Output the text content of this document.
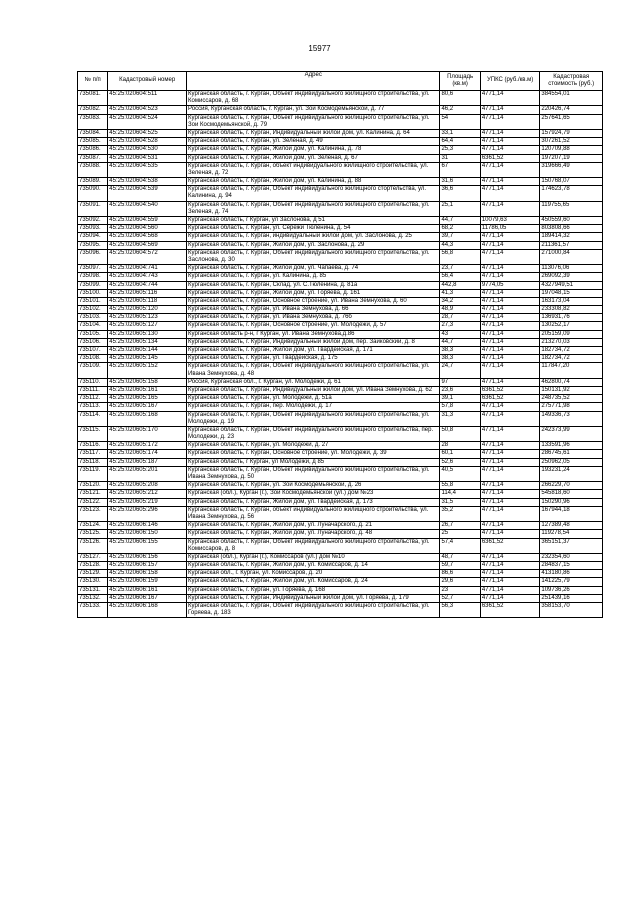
15977
№ п/п	Кадастровый номер	Адрес	Площадь (кв.м)	УПКС (руб./кв.м)	Кадастровая стоимость (руб.)
735081.	45:25:020604:511	Курганская область, г. Курган, Объект индивидуального жилищного строительства, ул. Комиссаров, д. 68	80,6	4771,14	384554,01
735082.	45:25:020604:523	Россия, Курганская область, г. Курган, ул. Зои Космодемьянской, д. 77	46,2	4771,14	220426,74
735083.	45:25:020604:524	Курганская область, г. Курган, Объект индивидуального жилищного строительства, ул. Зои Космодемьянской, д. 79	54	4771,14	257641,65
735084.	45:25:020604:525	Курганская область, г. Курган, Индивидуальный жилой дом, ул. Калинина, д. 64	33,1	4771,14	157924,79
735085.	45:25:020604:528	Курганская область, г. Курган, ул. Зеленая, д. 49	64,4	4771,14	307261,52
735086.	45:25:020604:530	Курганская область, г. Курган, Жилой дом, ул. Калинина, д. 78	25,3	4771,14	120709,88
735087.	45:25:020604:531	Курганская область, г. Курган, Жилой дом, ул. Зеленая, д. 67	31	6361,52	197207,19
735088.	45:25:020604:535	Курганская область, г. Курган, объект индивидуального жилищного строительства, ул. Зеленая, д. 72	67	4771,14	319666,49
735089.	45:25:020604:538	Курганская область, г. Курган, Жилой дом, ул. Калинина, д. 88	31,6	4771,14	150768,07
735090.	45:25:020604:539	Курганская область, г. Курган, Объект индивидуального жилищного стортельства, ул. Калинина, д. 94	36,6	4771,14	174623,78
735091.	45:25:020604:540	Курганская область, г. Курган, Объект индивидуального жилищного строительства, ул. Зеленая, д. 74	25,1	4771,14	119755,65
735092.	45:25:020604:559	Курганская область, г Курган, ул Заслонова, д 51	44,7	10079,63	450559,60
735093.	45:25:020604:560	Курганская область, г. Курган, ул. Сережи Тюленина, д. 54	68,2	11786,05	803808,66
735094.	45:25:020604:568	Курганская область, г. Курган, индивидуальный жилой дом, ул. Заслонова, д. 25	39,7	4771,14	189414,32
735095.	45:25:020604:569	Курганская область, г. Курган, Жилой дом, ул. Заслонова, д. 29	44,3	4771,14	211361,57
735096.	45:25:020604:572	Курганская область, г. Курган, Объект индивидуального жилищного строительства, ул. Заслонова, д. 30	56,8	4771,14	271000,84
735097.	45:25:020604:741	Курганская область, г. Курган, Жилой дом, ул. Чапаева, д. 74	23,7	4771,14	113076,06
735098.	45:25:020604:743	Курганская область, г. Курган, ул. Калинина, д. 85	56,4	4771,14	269092,39
735099.	45:25:020604:744	Курганская область, г. Курган, Склад, ул. С.Тюленина, д. 81а	442,8	9774,05	4327949,51
735100.	45:25:020605:116	Курганская область, г. Курган, Жилой дом, ул. Горяева, д. 161	41,3	4771,14	197048,15
735101.	45:25:020605:118	Курганская область, г. Курган, Основное строение, ул. Ивана Земнухова, д. 60	34,2	4771,14	163173,04
735102.	45:25:020605:120	Курганская область, г. Курган, ул. Ивана Земнухова, д. 66	48,9	4771,14	233308,82
735103.	45:25:020605:123	Курганская область, г. Курган, ул. Ивана Земнухова, д. 76б	28,7	4771,14	136931,76
735104.	45:25:020605:127	Курганская область, г. Курган, Основное строение, ул. Молодежи, д. 57	27,3	4771,14	130252,17
735105.	45:25:020605:130	Курганская область р-н, г Курган, ул. Ивана Земнухова,д.86	43	4771,14	205159,09
735106.	45:25:020605:134	Курганская область, г. Курган, Индивидуальный жилой дом, пер. Зайковский, д. 8	44,7	4771,14	213270,03
735107.	45:25:020605:144	Курганская область, г. Курган, Жилой дом, ул. Гвардейская, д. 171	38,3	4771,14	182734,72
735108.	45:25:020605:145	Курганская область, г. Курган, ул. Гвардейская, д. 175	38,3	4771,14	182734,72
735109.	45:25:020605:152	Курганская область, г. Курган, Объект индивидуального жилищного строительства, ул. Ивана Земнухова, д. 48	24,7	4771,14	117847,20
735110.	45:25:020605:158	Россия, Курганская обл., г. Курган, ул. Молодежи, д. 61	97	4771,14	462800,74
735111.	45:25:020605:161	Курганская область, г. Курган, Индивидуальный жилой дом, ул. Ивана Земнухова, д. 62	23,6	6361,52	150131,92
735112.	45:25:020605:165	Курганская область, г. Курган, ул. Молодежи, д. 51а	39,1	6361,52	248735,52
735113.	45:25:020605:167	Курганская область, г. Курган, пер. Молодежи, д. 17	57,8	4771,14	275771,98
735114.	45:25:020605:168	Курганская область, г. Курган, Объект индивидуального жилищного строительства, ул. Молодежи, д. 19	31,3	4771,14	149336,73
735115.	45:25:020605:170	Курганская область, г. Курган, Объект индивидуального жилищного строительства, пер. Молодежи, д. 23	50,8	4771,14	242373,99
735116.	45:25:020605:172	Курганская область, г. Курган, ул. Молодежи, д. 27	28	4771,14	133591,96
735117.	45:25:020605:174	Курганская область, г. Курган, Основное строение, ул. Молодежи, д. 39	60,1	4771,14	286745,61
735118.	45:25:020605:187	Курганская область, г Курган, ул Молодежи, д 85	52,6	4771,14	250962,05
735119.	45:25:020605:201	Курганская область, г. Курган, Объект индивидуального жилищного строительства, ул. Ивана Земнухова, д. 50	40,5	4771,14	193231,24
735120.	45:25:020605:208	Курганская область, г. Курган, ул. Зои Космодемьянской, д. 26	55,8	4771,14	266229,70
735121.	45:25:020605:212	Курганская (обл.), Курган (г.), Зои Космодемьянской (ул.) дом №23	114,4	4771,14	545818,60
735122.	45:25:020605:219	Курганская область, г. Курган, Жилой дом, ул. Гвардейская, д. 173	31,5	4771,14	150290,96
735123.	45:25:020605:296	Курганская область, г. Курган, объект индивидуального жилищного строительства, ул. Ивана Земнухова, д. 56	35,2	4771,14	167944,18
735124.	45:25:020606:146	Курганская область, г. Курган, Жилой дом, ул. Луначарского, д. 21	26,7	4771,14	127389,48
735125.	45:25:020606:150	Курганская область, г. Курган, Жилой дом, ул. Луначарского, д. 48	25	4771,14	119278,54
735126.	45:25:020606:155	Курганская область, г. Курган, Объект индивидуального жилищного строительства, ул. Комиссаров, д. 8	57,4	6361,52	365151,37
735127.	45:25:020606:156	Курганская (обл.), Курган (г.), Комиссаров (ул.) дом №10	48,7	4771,14	232354,60
735128.	45:25:020606:157	Курганская область, г. Курган, Жилой дом, ул. Комиссаров, д. 14	59,7	4771,14	284837,15
735129.	45:25:020606:158	Курганская обл., г. Курган, ул. Комиссаров, д. 20	86,6	4771,14	413180,86
735130.	45:25:020606:159	Курганская область, г. Курган, Жилой дом, ул. Комиссаров, д. 24	29,6	4771,14	141225,79
735131.	45:25:020606:161	Курганская область, г. Курган, ул. Горяева, д. 168	23	4771,14	109736,26
735132.	45:25:020606:167	Курганская область, г. Курган, Индивидуальный жилой дом, ул. Горяева, д. 179	52,7	4771,14	251439,16
735133.	45:25:020606:168	Курганская область, г. Курган, Объект индивидуального жилищного строительства, ул. Горяева, д. 183	56,3	6361,52	358153,70
